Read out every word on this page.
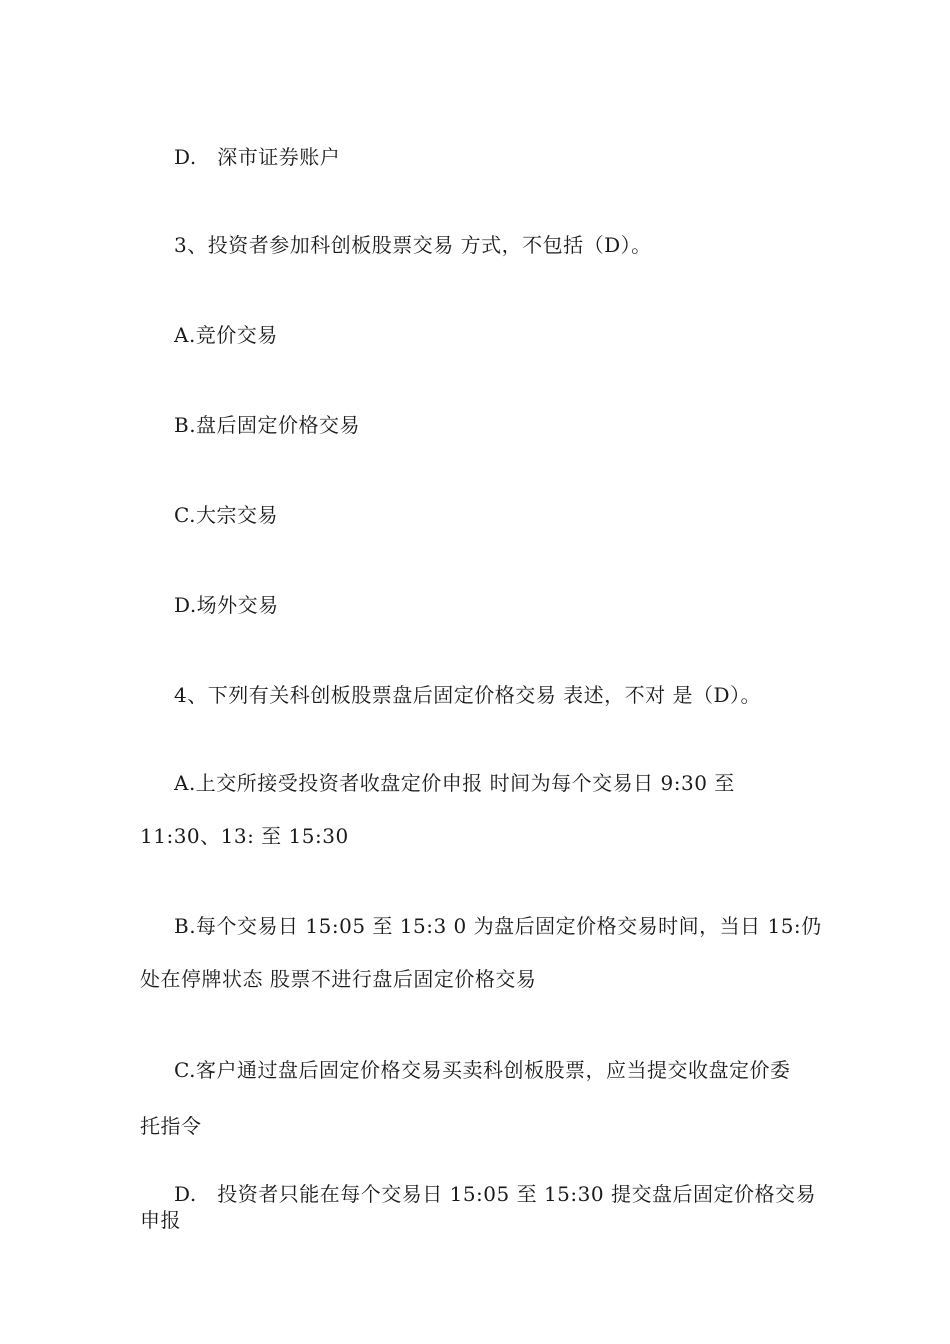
D.   深市证券账户
3、投资者参加科创板股票交易 方式，不包括（D）。
A.竞价交易
B.盘后固定价格交易
C.大宗交易
D.场外交易
4、下列有关科创板股票盘后固定价格交易 表述，不对 是（D）。
A.上交所接受投资者收盘定价申报 时间为每个交易日 9:30 至
11:30、13: 至 15:30
B.每个交易日 15:05 至 15:3 0 为盘后固定价格交易时间，当日 15:仍
处在停牌状态 股票不进行盘后固定价格交易
C.客户通过盘后固定价格交易买卖科创板股票，应当提交收盘定价委
托指令
D.   投资者只能在每个交易日 15:05 至 15:30 提交盘后固定价格交易
申报
